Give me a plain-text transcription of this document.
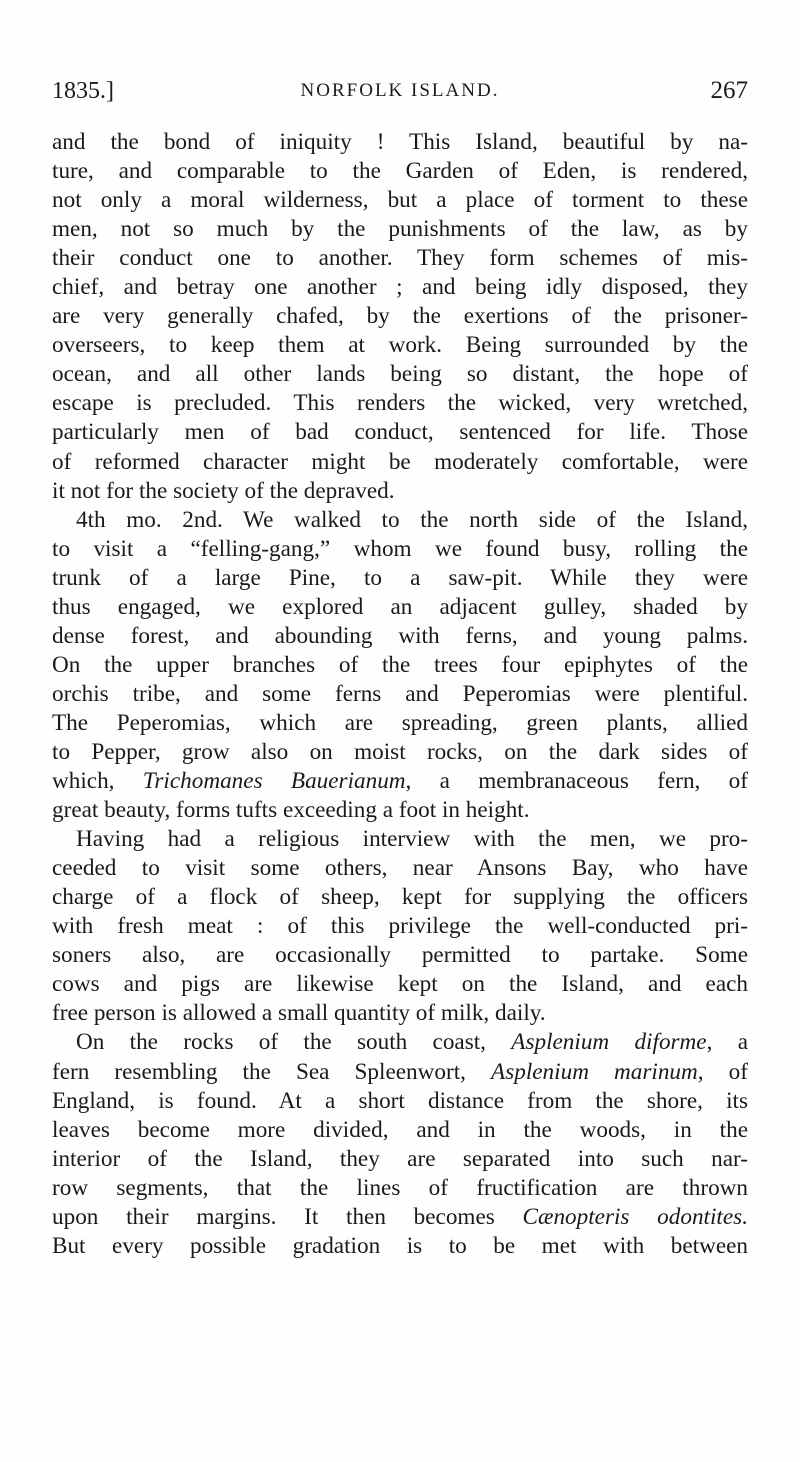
1835.]	NORFOLK ISLAND.	267
and the bond of iniquity ! This Island, beautiful by na-
ture, and comparable to the Garden of Eden, is rendered,
not only a moral wilderness, but a place of torment to these
men, not so much by the punishments of the law, as by
their conduct one to another. They form schemes of mis-
chief, and betray one another ; and being idly disposed, they
are very generally chafed, by the exertions of the prisoner-
overseers, to keep them at work. Being surrounded by the
ocean, and all other lands being so distant, the hope of
escape is precluded. This renders the wicked, very wretched,
particularly men of bad conduct, sentenced for life. Those
of reformed character might be moderately comfortable, were
it not for the society of the depraved.
4th mo. 2nd. We walked to the north side of the Island,
to visit a “felling-gang,” whom we found busy, rolling the
trunk of a large Pine, to a saw-pit. While they were
thus engaged, we explored an adjacent gulley, shaded by
dense forest, and abounding with ferns, and young palms.
On the upper branches of the trees four epiphytes of the
orchis tribe, and some ferns and Peperomias were plentiful.
The Peperomias, which are spreading, green plants, allied
to Pepper, grow also on moist rocks, on the dark sides of
which, Trichomanes Bauerianum, a membranaceous fern, of
great beauty, forms tufts exceeding a foot in height.
Having had a religious interview with the men, we pro-
ceeded to visit some others, near Ansons Bay, who have
charge of a flock of sheep, kept for supplying the officers
with fresh meat : of this privilege the well-conducted pri-
soners also, are occasionally permitted to partake. Some
cows and pigs are likewise kept on the Island, and each
free person is allowed a small quantity of milk, daily.
On the rocks of the south coast, Asplenium diforme, a
fern resembling the Sea Spleenwort, Asplenium marinum, of
England, is found. At a short distance from the shore, its
leaves become more divided, and in the woods, in the
interior of the Island, they are separated into such nar-
row segments, that the lines of fructification are thrown
upon their margins. It then becomes Cænopteris odontites.
But every possible gradation is to be met with between
